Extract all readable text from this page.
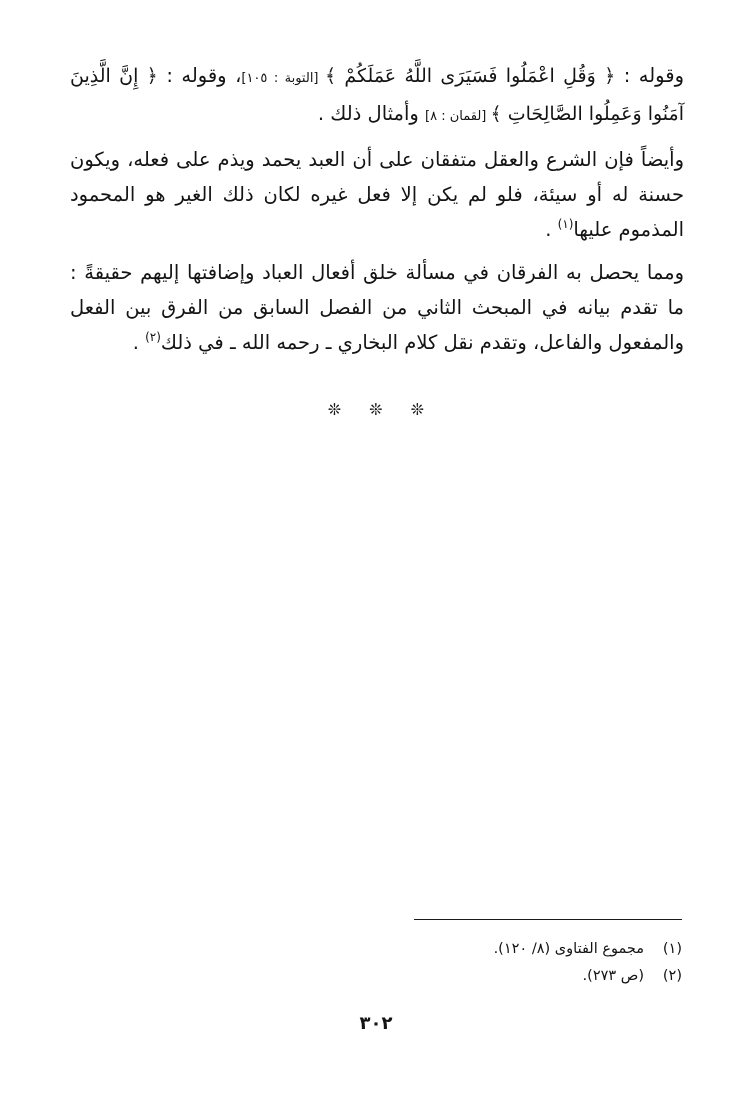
وقوله : ﴿ وَقُلِ اعْمَلُوا فَسَيَرَى اللَّهُ عَمَلَكُمْ ﴾ [التوبة : ١٠٥]، وقوله : ﴿ إِنَّ الَّذِينَ آمَنُوا وَعَمِلُوا الصَّالِحَاتِ ﴾ [لقمان : ٨] وأمثال ذلك .

وأيضاً فإن الشرع والعقل متفقان على أن العبد يحمد ويذم على فعله، ويكون حسنة له أو سيئة، فلو لم يكن إلا فعل غيره لكان ذلك الغير هو المحمود المذموم عليها$^{(١)}$ .

ومما يحصل به الفرقان في مسألة خلق أفعال العباد وإضافتها إليهم حقيقةً : ما تقدم بيانه في المبحث الثاني من الفصل السابق من الفرق بين الفعل والمفعول والفاعل، وتقدم نقل كلام البخاري ـ رحمه الله ـ في ذلك$^{(٢)}$ .

❊❊❊
(١)مجموع الفتاوى (٨/ ١٢٠).
(٢)(ص ٢٧٣).
٣٠٢
